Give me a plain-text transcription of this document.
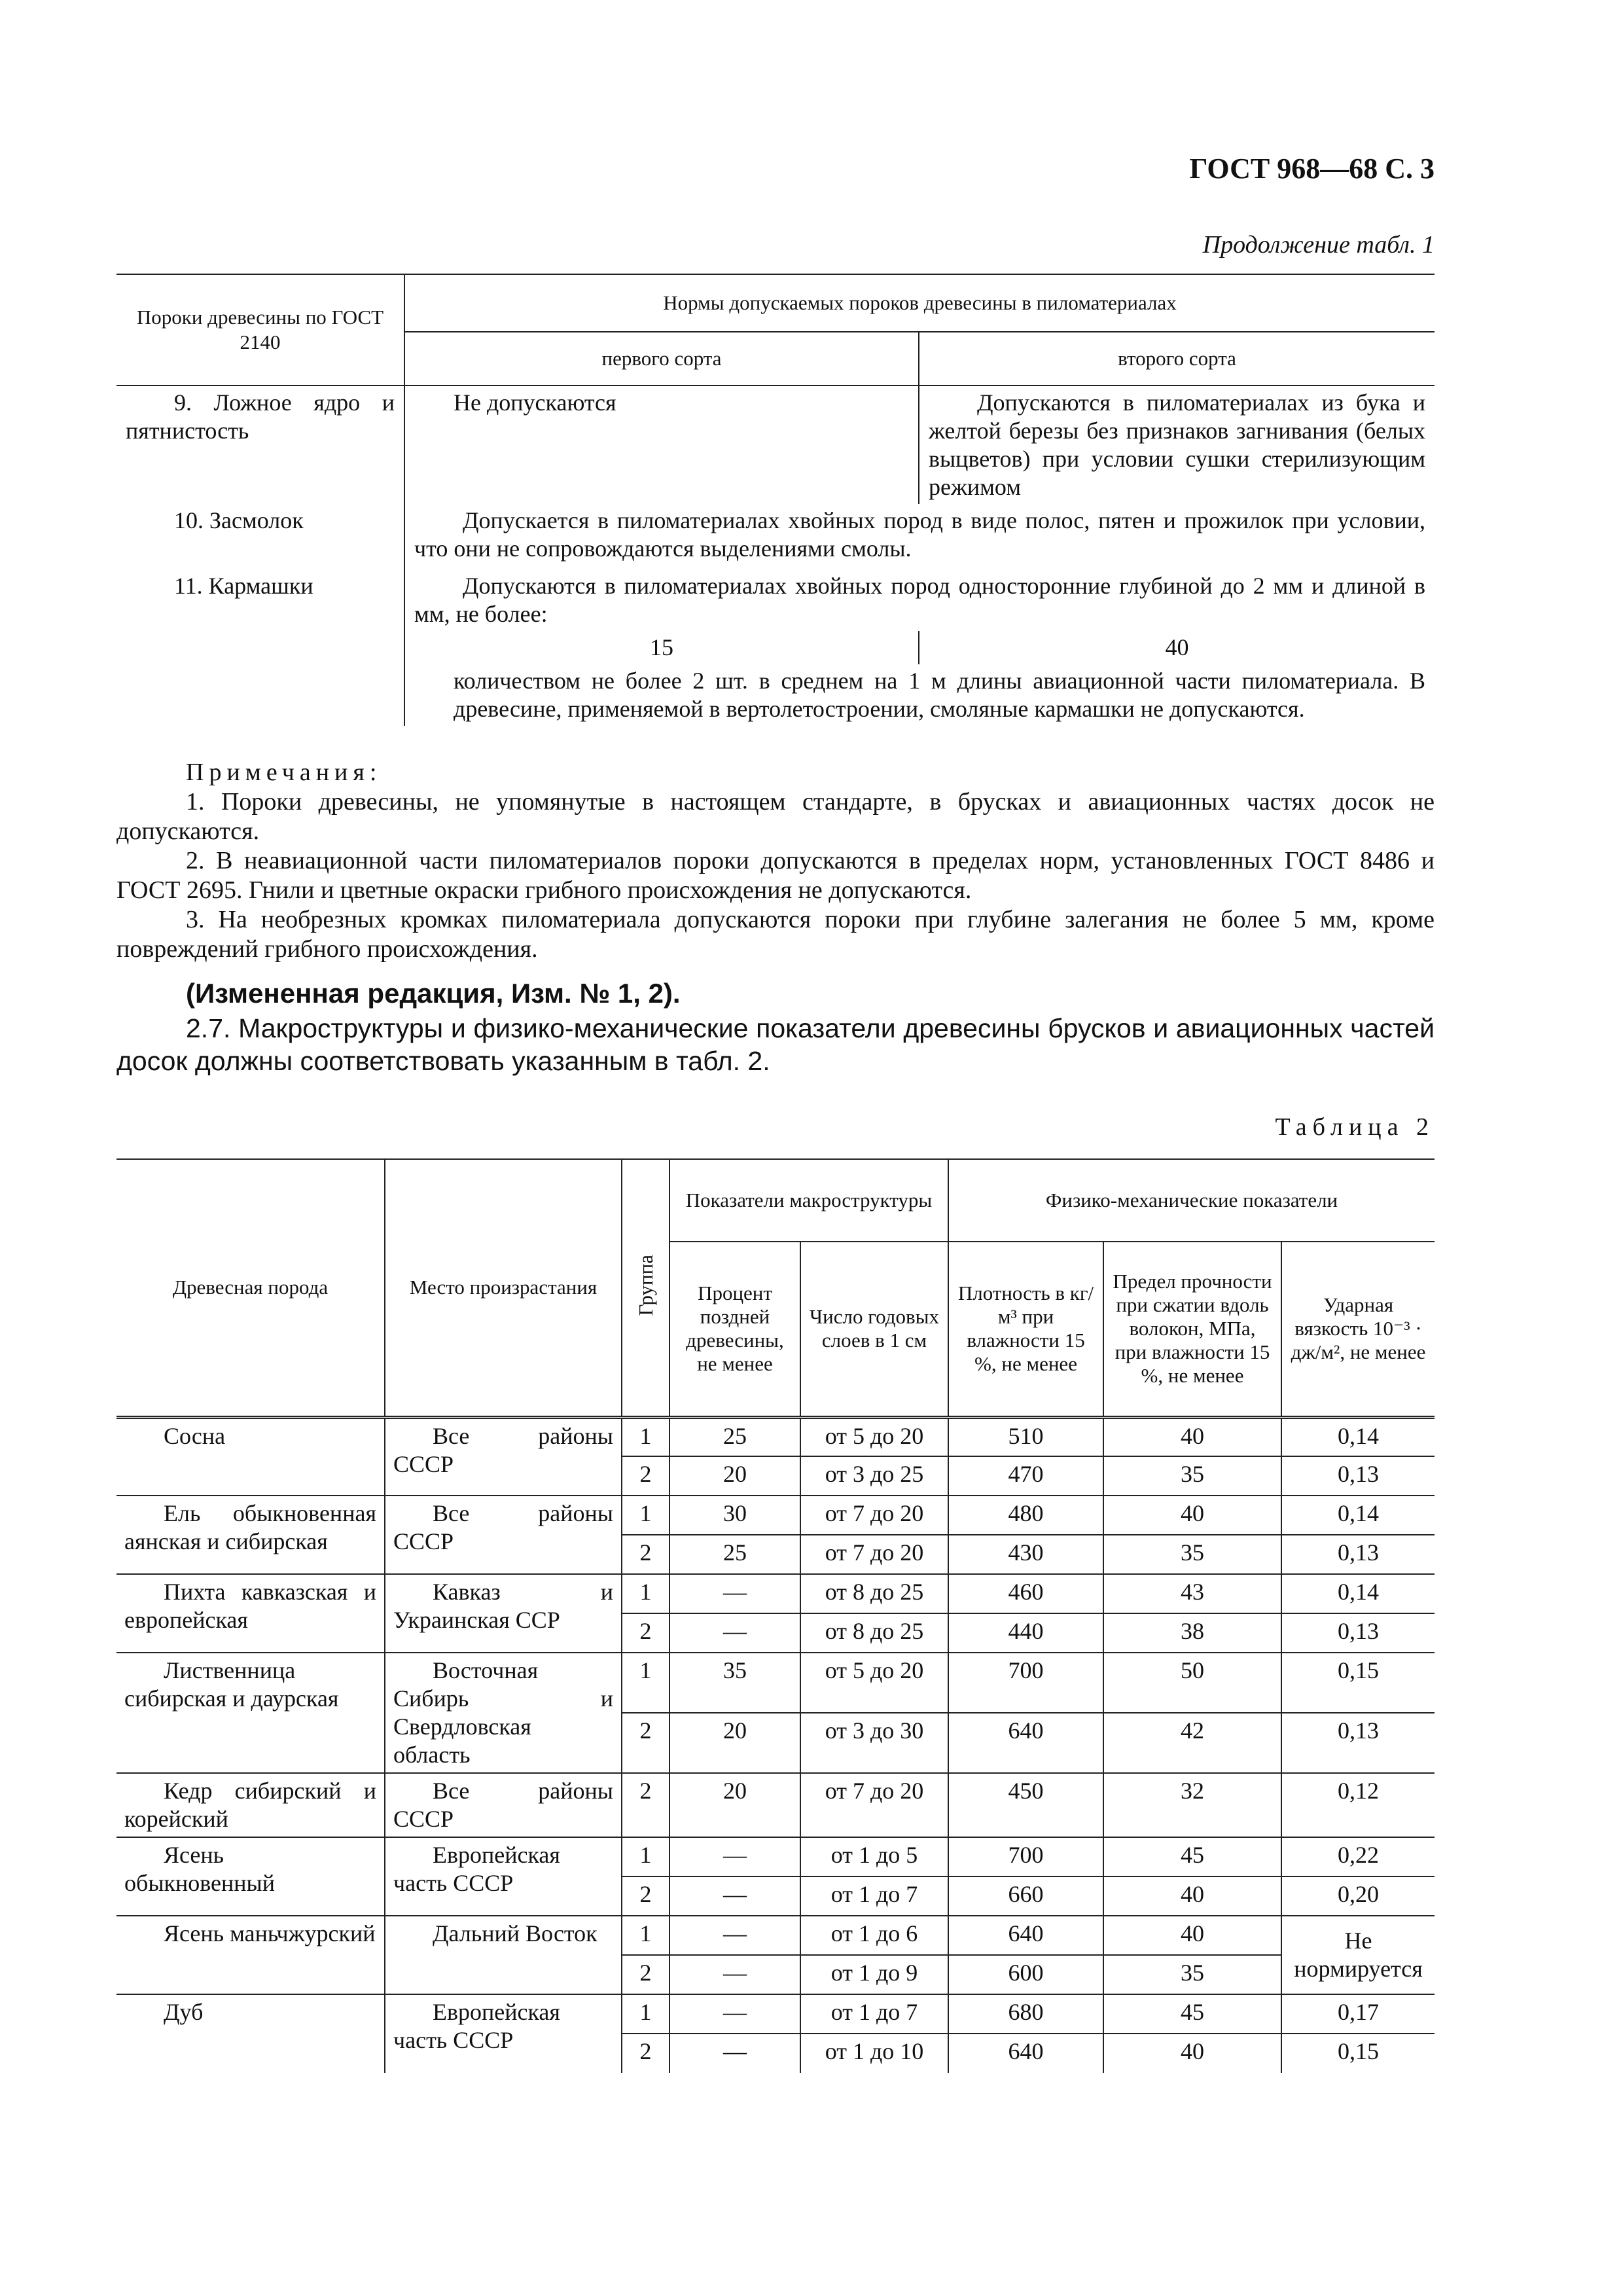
ГОСТ 968—68 С. 3
Продолжение табл. 1
Пороки древесины по ГОСТ 2140	Нормы допускаемых пороков древесины в пиломатериалах	
	первого сорта	второго сорта
9. Ложное ядро и пятнистость	Не допускаются	Допускаются в пиломатериалах из бука и желтой березы без признаков загнивания (белых выцветов) при условии сушки стерилизующим режимом
10. Засмолок	Допускается в пиломатериалах хвойных пород в виде полос, пятен и прожилок при условии, что они не сопровождаются выделениями смолы.	
11. Кармашки	Допускаются в пиломатериалах хвойных пород односторонние глубиной до 2 мм и длиной в мм, не более:	
	15	40
	количеством не более 2 шт. в среднем на 1 м длины авиационной части пиломатериала. В древесине, применяемой в вертолетостроении, смоляные кармашки не допускаются.	

Примечания:

1. Пороки древесины, не упомянутые в настоящем стандарте, в брусках и авиационных частях досок не допускаются.

2. В неавиационной части пиломатериалов пороки допускаются в пределах норм, установленных ГОСТ 8486 и ГОСТ 2695. Гнили и цветные окраски грибного происхождения не допускаются.

3. На необрезных кромках пиломатериала допускаются пороки при глубине залегания не более 5 мм, кроме повреждений грибного происхождения.

(Измененная редакция, Изм. № 1, 2).
2.7. Макроструктуры и физико-механические показатели древесины брусков и авиационных частей досок должны соответствовать указанным в табл. 2.
Таблица 2
Древесная порода	Место произрастания	Группа	Показатели макроструктуры		Физико-механические показатели		
			Процент поздней древесины, не менее	Число годовых слоев в 1 см	Плотность в кг/м³ при влажности 15 %, не менее	Предел прочности при сжатии вдоль волокон, МПа, при влажности 15 %, не менее	Ударная вязкость 10⁻³ · дж/м², не менее
Сосна	Все районы СССР	1	25	от 5 до 20	510	40	0,14
		2	20	от 3 до 25	470	35	0,13
Ель обыкновенная аянская и сибирская	Все районы СССР	1	30	от 7 до 20	480	40	0,14
		2	25	от 7 до 20	430	35	0,13
Пихта кавказская и европейская	Кавказ и Украинская ССР	1	—	от 8 до 25	460	43	0,14
		2	—	от 8 до 25	440	38	0,13
Лиственница сибирская и даурская	Восточная Сибирь и Свердловская область	1	35	от 5 до 20	700	50	0,15
		2	20	от 3 до 30	640	42	0,13
Кедр сибирский и корейский	Все районы СССР	2	20	от 7 до 20	450	32	0,12
Ясень обыкновенный	Европейская часть СССР	1	—	от 1 до 5	700	45	0,22
		2	—	от 1 до 7	660	40	0,20
Ясень маньчжурский	Дальний Восток	1	—	от 1 до 6	640	40	Не нормируется
		2	—	от 1 до 9	600	35	
Дуб	Европейская часть СССР	1	—	от 1 до 7	680	45	0,17
		2	—	от 1 до 10	640	40	0,15
